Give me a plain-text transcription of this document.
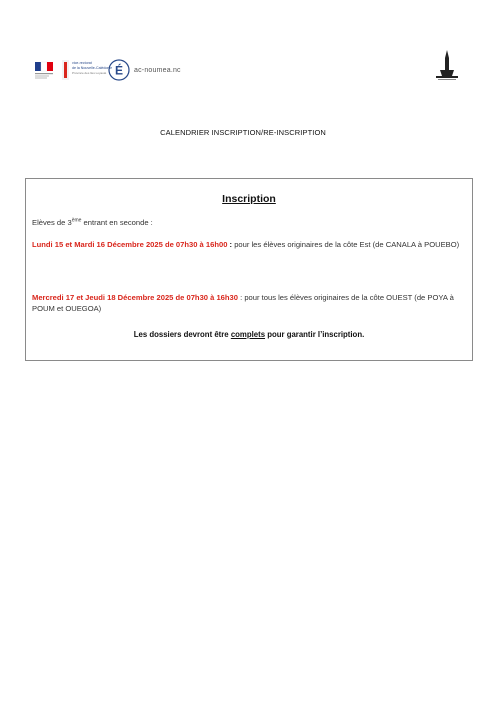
vice-rectorat
de la Nouvelle-Calédonie
Province des îles Loyauté É ac-noumea.nc
CALENDRIER INSCRIPTION/RE-INSCRIPTION
Inscription
Elèves de 3ème entrant en seconde :
Lundi 15 et Mardi 16 Décembre 2025 de 07h30 à 16h00 : pour les élèves originaires de la côte Est (de CANALA à POUEBO)
Mercredi 17 et Jeudi 18 Décembre 2025 de 07h30 à 16h30 : pour tous les élèves originaires de la côte OUEST (de POYA à POUM et OUEGOA)
Les dossiers devront être complets pour garantir l’inscription.
